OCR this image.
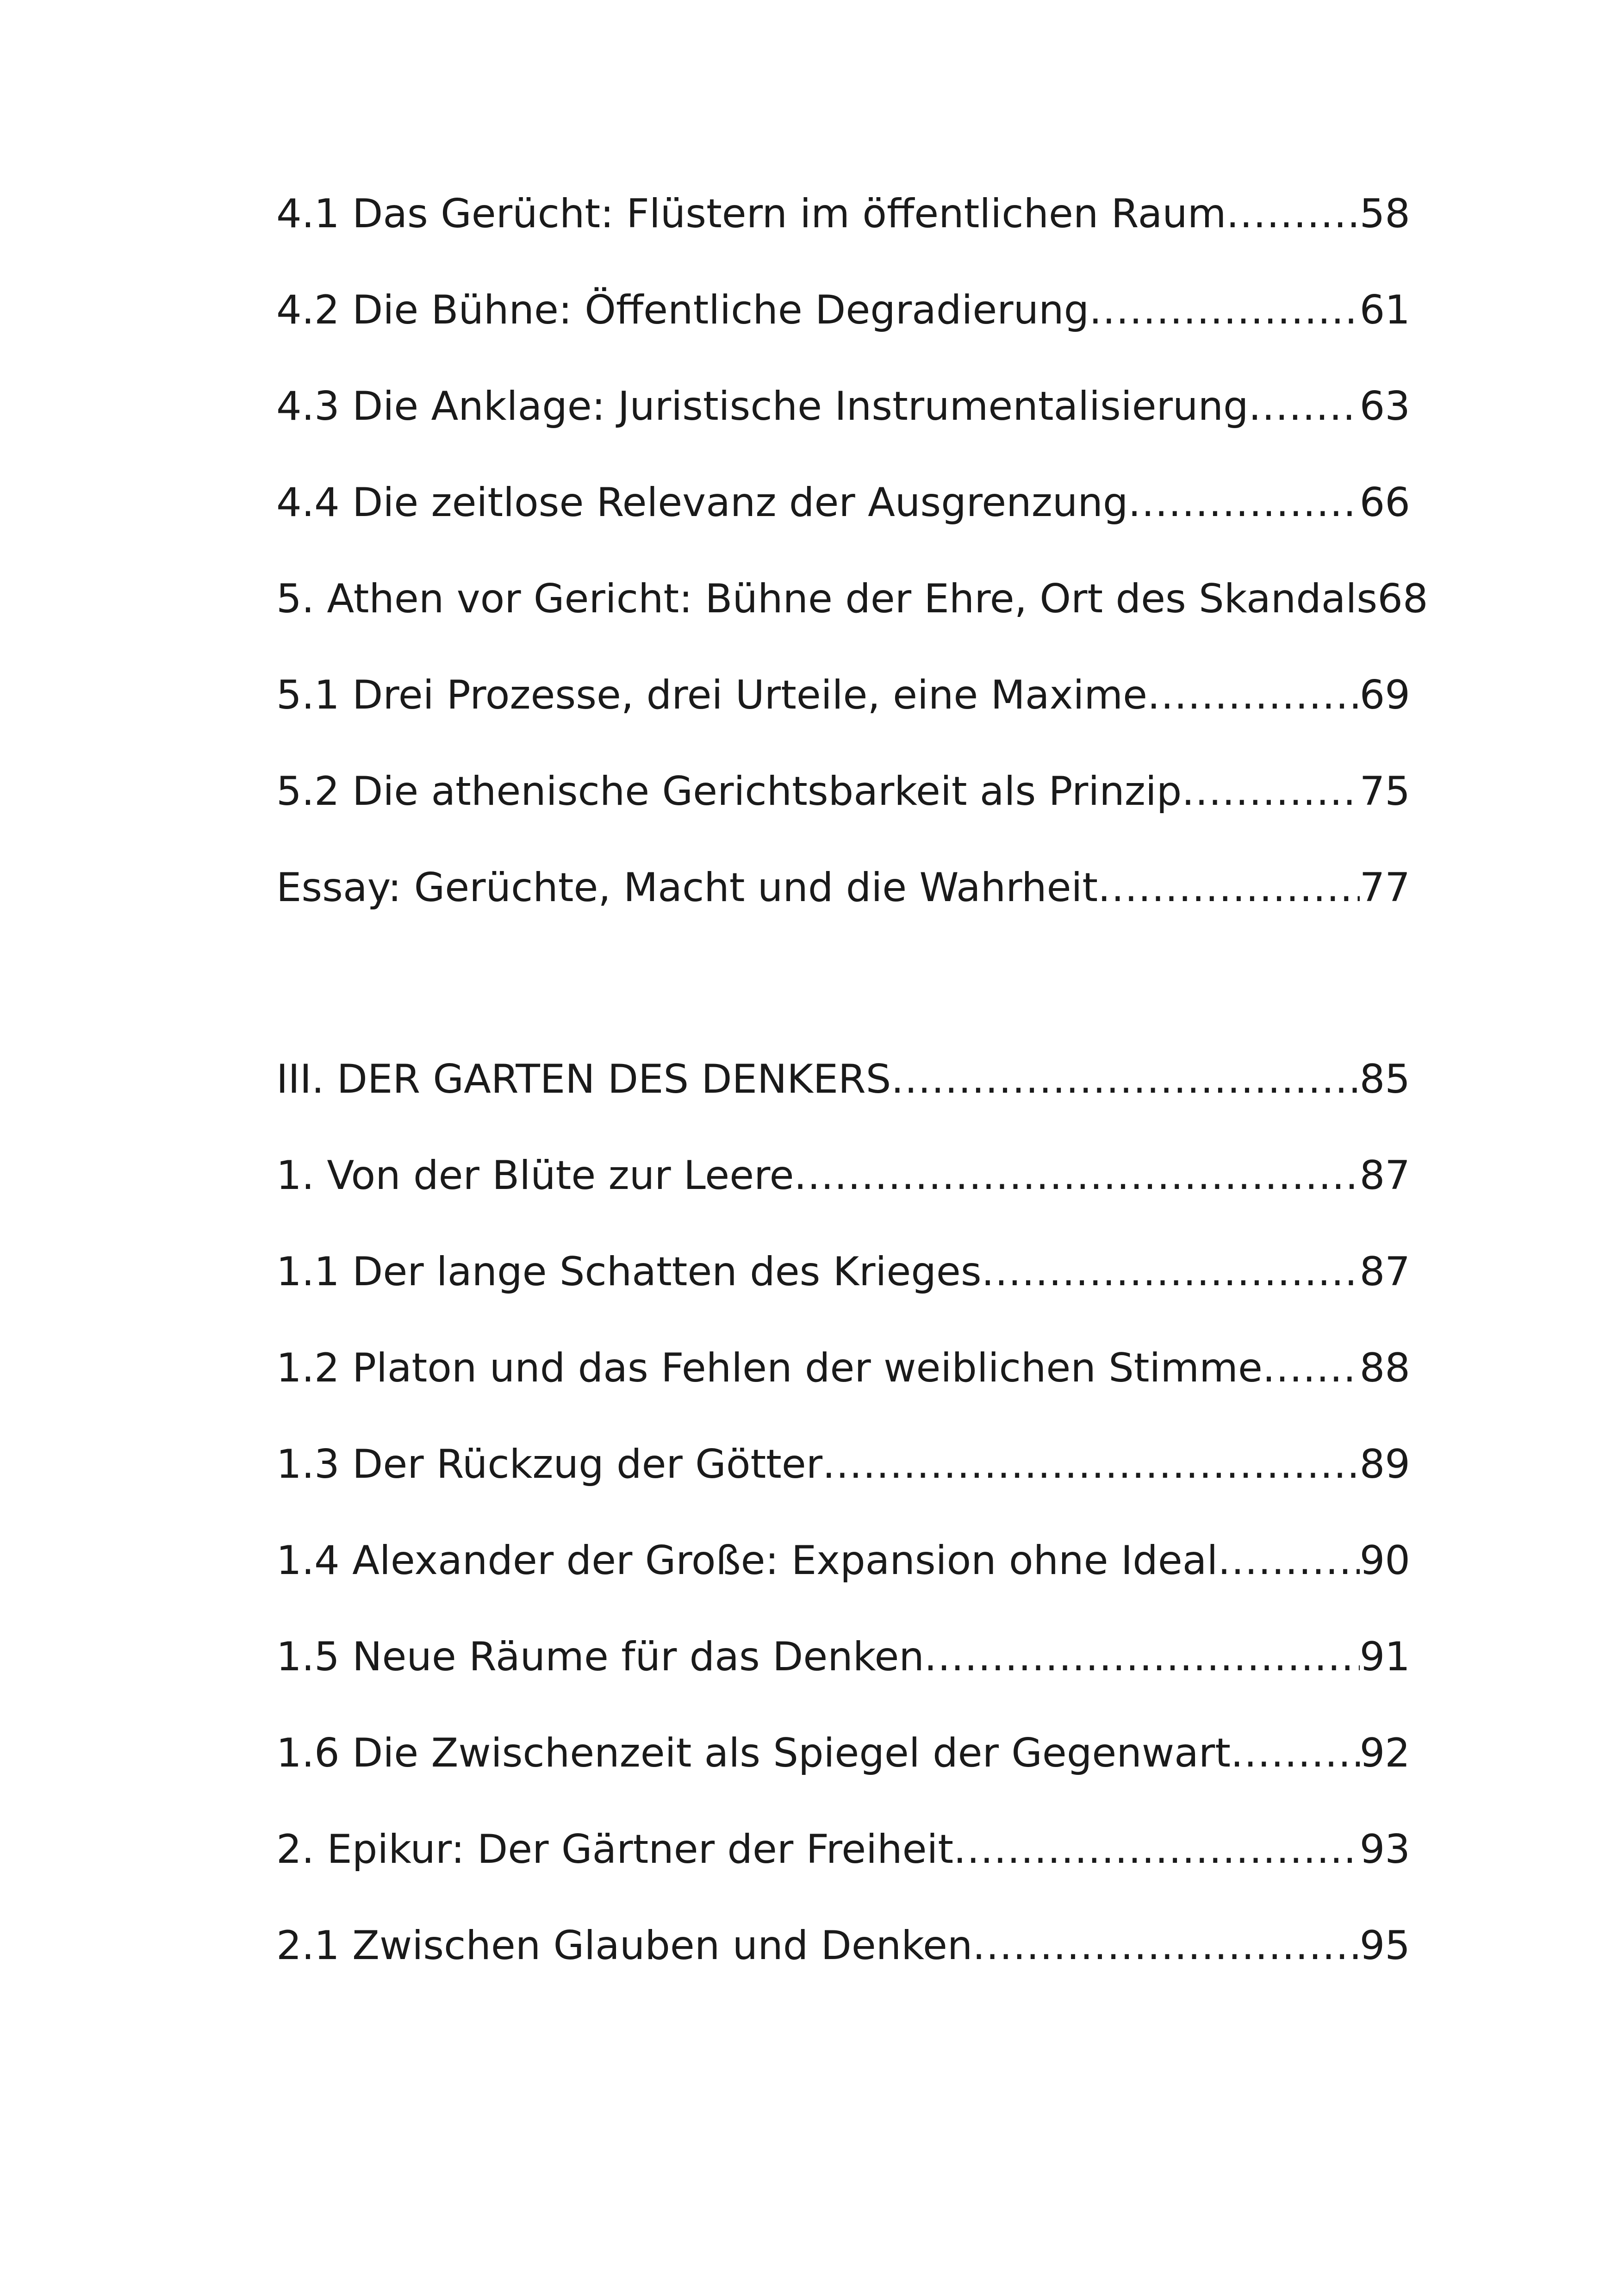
4.1 Das Gerücht: Flüstern im öffentlichen Raum .....	58
4.2 Die Bühne: Öffentliche Degradierung .....	61
4.3 Die Anklage: Juristische Instrumentalisierung .....	63
4.4 Die zeitlose Relevanz der Ausgrenzung .....	66
5. Athen vor Gericht: Bühne der Ehre, Ort des Skandals 68
5.1 Drei Prozesse, drei Urteile, eine Maxime .....	69
5.2 Die athenische Gerichtsbarkeit als Prinzip .....	75
Essay: Gerüchte, Macht und die Wahrheit .....	77
III. DER GARTEN DES DENKERS .....	85
1. Von der Blüte zur Leere .....	87
1.1 Der lange Schatten des Krieges .....	87
1.2 Platon und das Fehlen der weiblichen Stimme ..... 88
1.3 Der Rückzug der Götter .....	89
1.4 Alexander der Große: Expansion ohne Ideal .....	90
1.5 Neue Räume für das Denken .....	91
1.6 Die Zwischenzeit als Spiegel der Gegenwart .....	92
2. Epikur: Der Gärtner der Freiheit .....	93
2.1 Zwischen Glauben und Denken .....	95
